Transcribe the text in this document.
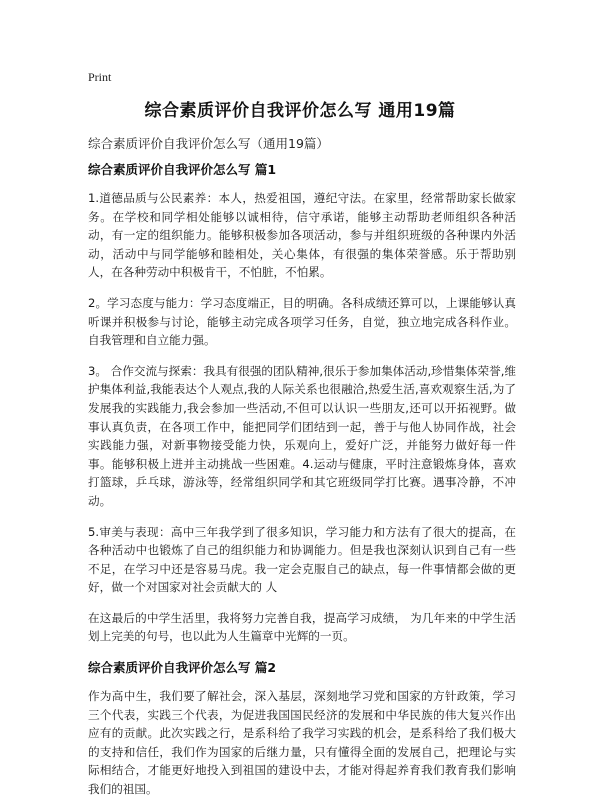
Print
综合素质评价自我评价怎么写 通用19篇
综合素质评价自我评价怎么写（通用19篇）
综合素质评价自我评价怎么写 篇1

1.道德品质与公民素养：本人，热爱祖国，遵纪守法。在家里，经常帮助家长做家务。在学校和同学相处能够以诚相待，信守承诺，能够主动帮助老师组织各种活动，有一定的组织能力。能够积极参加各项活动，参与并组织班级的各种课内外活动，活动中与同学能够和睦相处，关心集体，有很强的集体荣誉感。乐于帮助别人，在各种劳动中积极肯干，不怕脏，不怕累。

2。学习态度与能力：学习态度端正，目的明确。各科成绩还算可以，上课能够认真听课并积极参与讨论，能够主动完成各项学习任务，自觉，独立地完成各科作业。自我管理和自立能力强。

3。 合作交流与探索：我具有很强的团队精神,很乐于参加集体活动,珍惜集体荣誉,维护集体利益,我能表达个人观点,我的人际关系也很融洽,热爱生活,喜欢观察生活,为了发展我的实践能力,我会参加一些活动,不但可以认识一些朋友,还可以开拓视野。做事认真负责，在各项工作中，能把同学们团结到一起，善于与他人协同作战，社会实践能力强，对新事物接受能力快，乐观向上，爱好广泛，并能努力做好每一件事。能够积极上进并主动挑战一些困难。4.运动与健康，平时注意锻炼身体，喜欢打篮球，乒乓球，游泳等，经常组织同学和其它班级同学打比赛。遇事冷静，不冲动。

5.审美与表现：高中三年我学到了很多知识，学习能力和方法有了很大的提高，在各种活动中也锻炼了自己的组织能力和协调能力。但是我也深刻认识到自己有一些不足，在学习中还是容易马虎。我一定会克服自己的缺点，每一件事情都会做的更好，做一个对国家对社会贡献大的 人

在这最后的中学生活里，我将努力完善自我，提高学习成绩， 为几年来的中学生活划上完美的句号，也以此为人生篇章中光辉的一页。

综合素质评价自我评价怎么写 篇2

作为高中生，我们要了解社会，深入基层，深刻地学习党和国家的方针政策，学习三个代表，实践三个代表，为促进我国国民经济的发展和中华民族的伟大复兴作出应有的贡献。此次实践之行，是系科给了我学习实践的机会，是系科给了我们极大的支持和信任，我们作为国家的后继力量，只有懂得全面的发展自己，把理论与实际相结合，才能更好地投入到祖国的建设中去，才能对得起养育我们教育我们影响我们的祖国。
